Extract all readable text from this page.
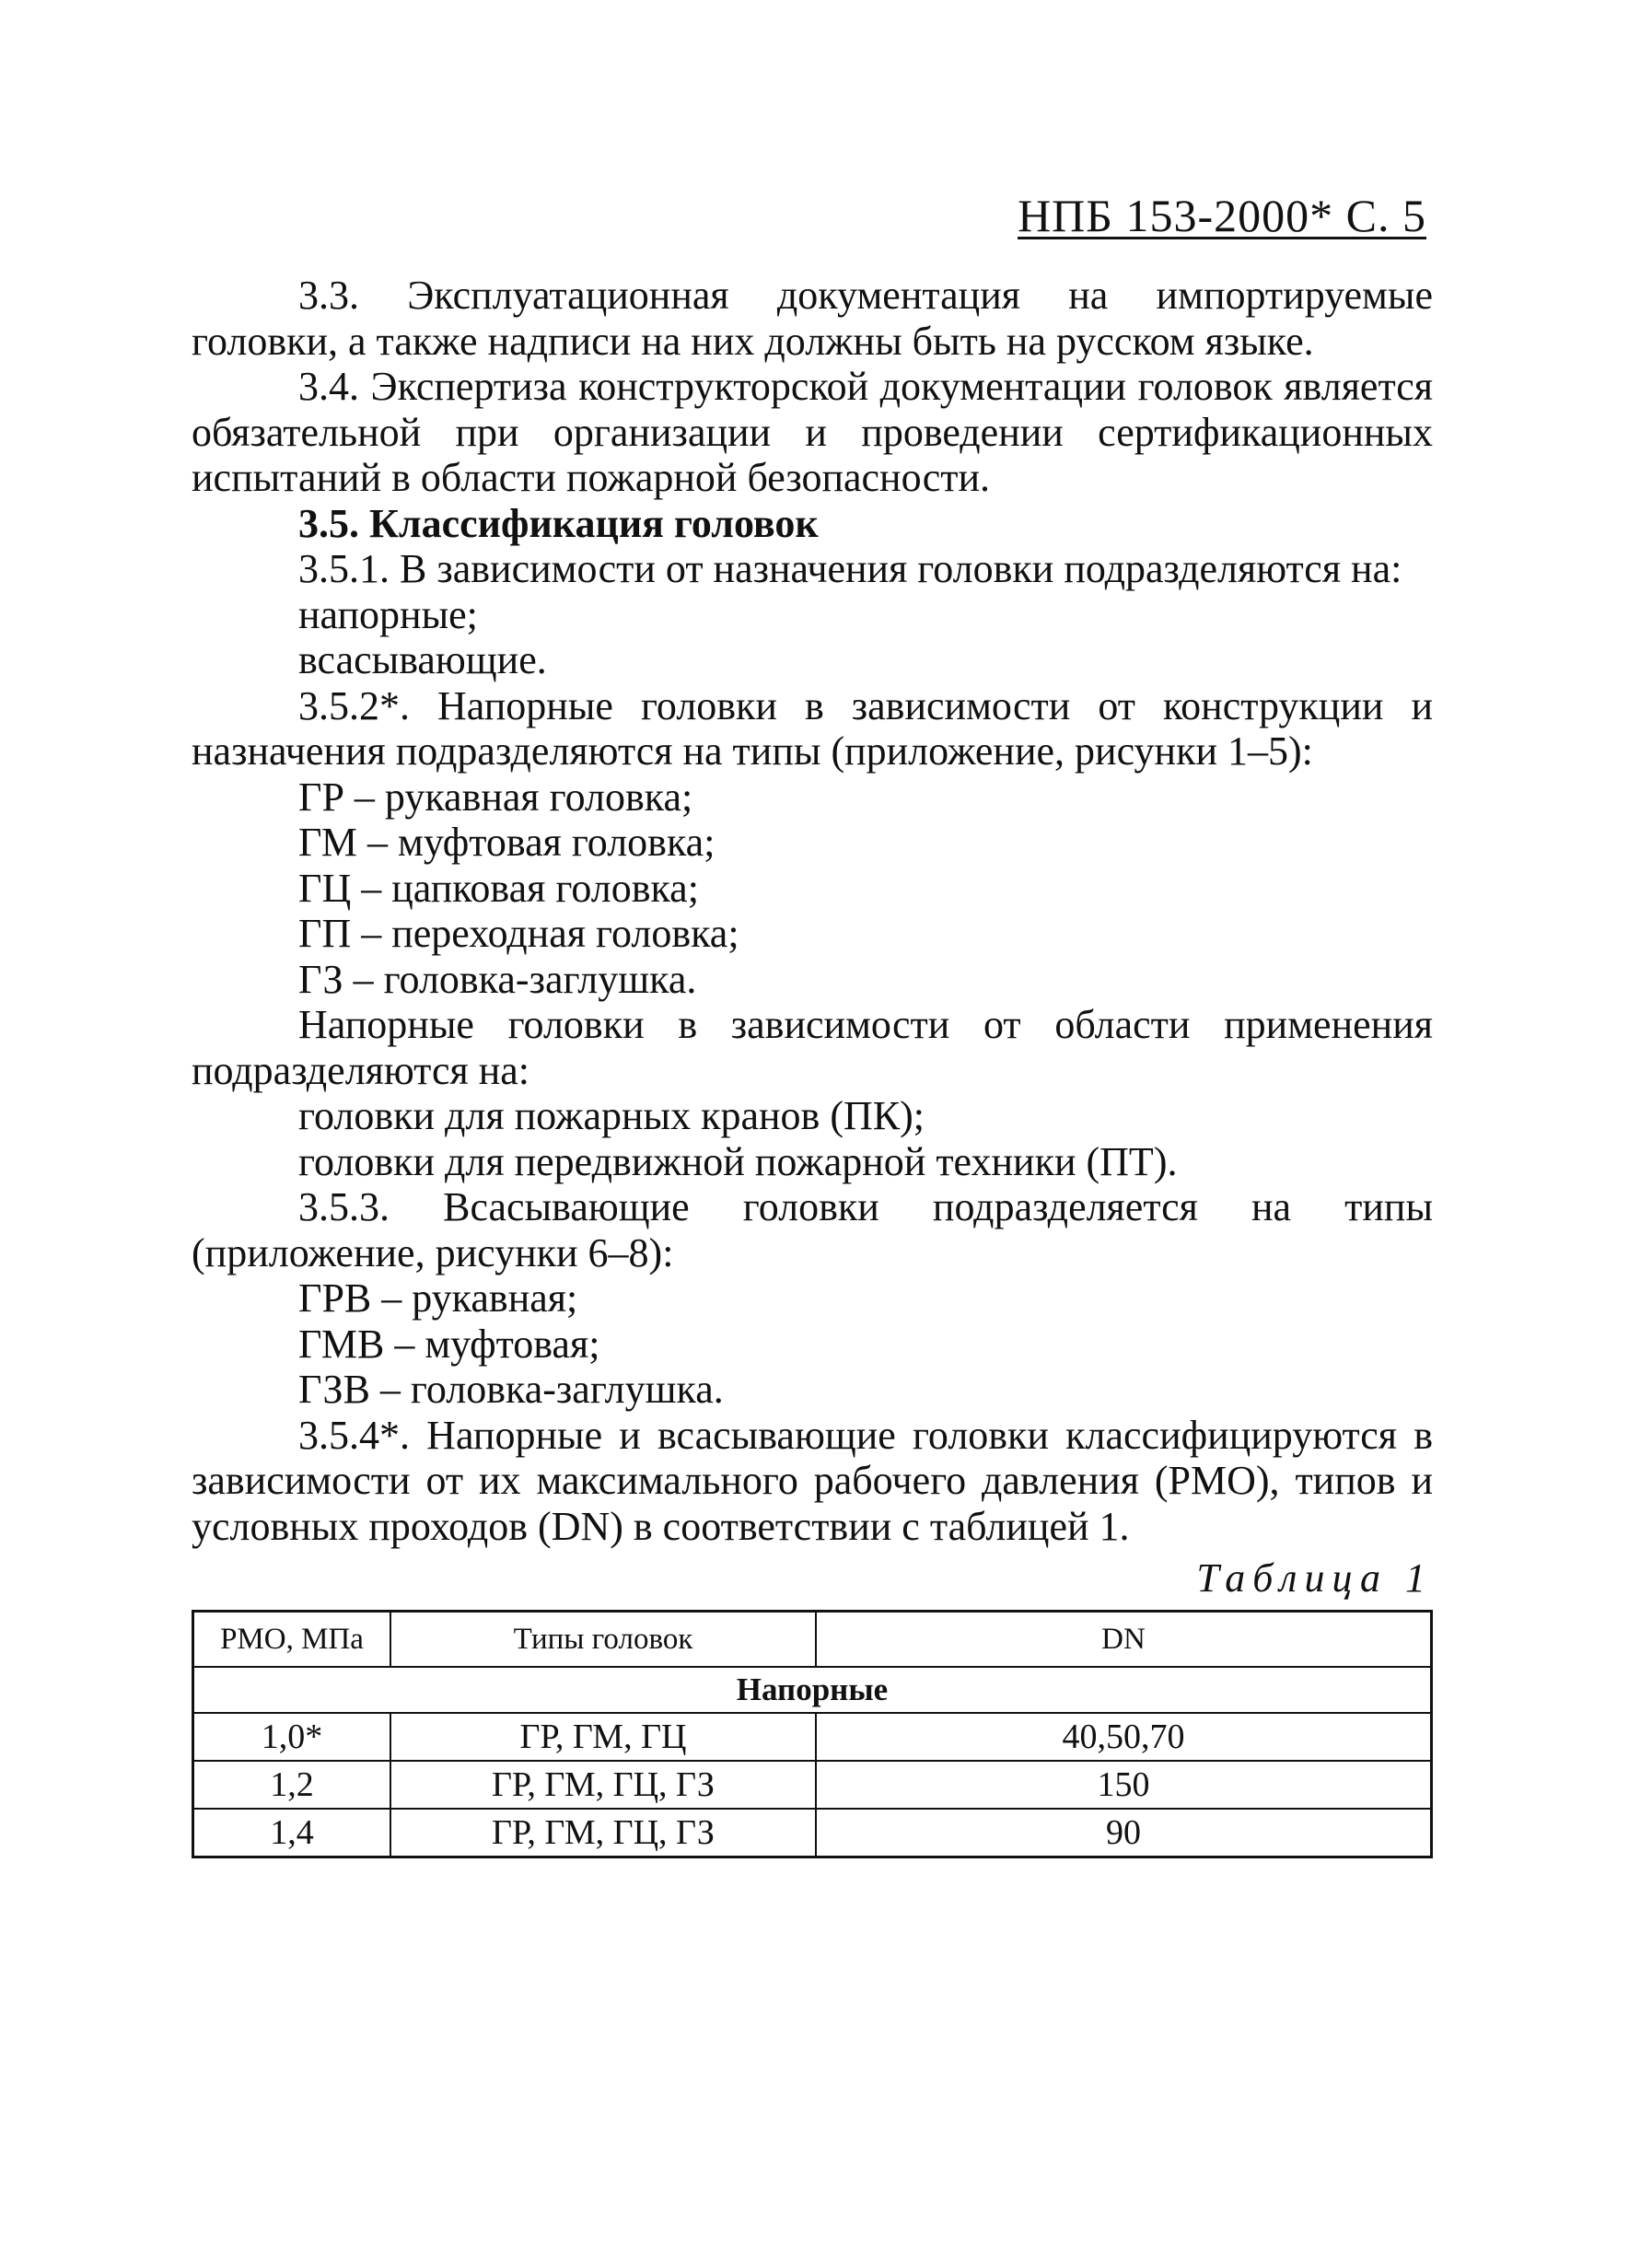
НПБ 153-2000* С. 5

3.3. Эксплуатационная документация на импортируемые головки, а также надписи на них должны быть на русском языке.

3.4. Экспертиза конструкторской документации головок является обязательной при организации и проведении сертификационных испытаний в области пожарной безопасности.

3.5. Классификация головок

3.5.1. В зависимости от назначения головки подразделяются на:

напорные;

всасывающие.

3.5.2*. Напорные головки в зависимости от конструкции и назначения подразделяются на типы (приложение, рисунки 1–5):

ГР – рукавная головка;

ГМ – муфтовая головка;

ГЦ – цапковая головка;

ГП – переходная головка;

ГЗ – головка-заглушка.

Напорные головки в зависимости от области применения подразделяются на:

головки для пожарных кранов (ПК);

головки для передвижной пожарной техники (ПТ).

3.5.3. Всасывающие головки подразделяется на типы (приложение, рисунки 6–8):

ГРВ – рукавная;

ГМВ – муфтовая;

ГЗВ – головка-заглушка.

3.5.4*. Напорные и всасывающие головки классифицируются в зависимости от их максимального рабочего давления (РМО), типов и условных проходов (DN) в соответствии с таблицей 1.

Таблица 1
РМО, МПа	Типы головок	DN
Напорные		
1,0*	ГР, ГМ, ГЦ	40,50,70
1,2	ГР, ГМ, ГЦ, ГЗ	150
1,4	ГР, ГМ, ГЦ, ГЗ	90
